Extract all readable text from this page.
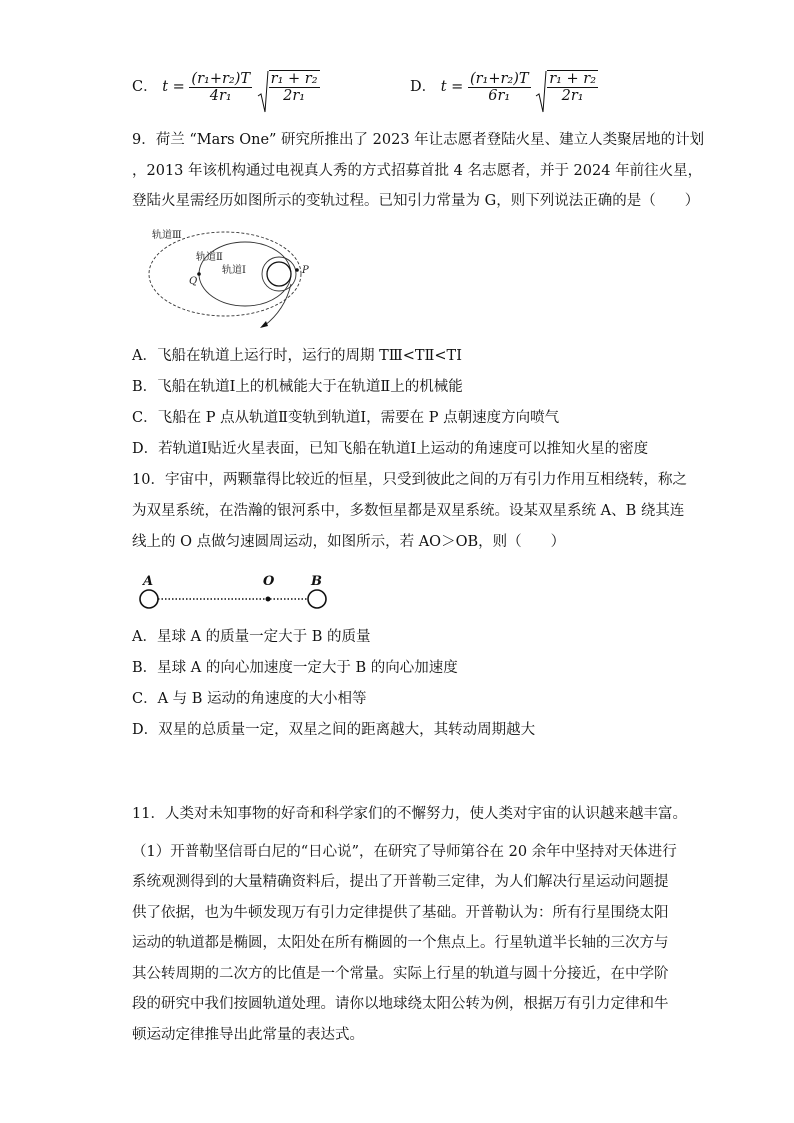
C． $t = \frac{\text{(r₁+r₂)T}}{\text{4r₁}}$
$\frac{\text{r₁ + r₂}}{\text{2r₁}}$	D． $t = \frac{\text{(r₁+r₂)T}}{\text{6r₁}}$
$\frac{\text{r₁ + r₂}}{\text{2r₁}}$
9．荷兰 “Mars One” 研究所推出了 2023 年让志愿者登陆火星、建立人类聚居地的计划
，2013 年该机构通过电视真人秀的方式招募首批 4 名志愿者，并于 2024 年前往火星，
登陆火星需经历如图所示的变轨过程。已知引力常量为 G，则下列说法正确的是（　　）
轨道Ⅲ
轨道Ⅱ
轨道Ⅰ
Q
P
A．飞船在轨道上运行时，运行的周期 TⅢ<TⅡ<TⅠ
B．飞船在轨道Ⅰ上的机械能大于在轨道Ⅱ上的机械能
C．飞船在 P 点从轨道Ⅱ变轨到轨道Ⅰ，需要在 P 点朝速度方向喷气
D．若轨道Ⅰ贴近火星表面，已知飞船在轨道Ⅰ上运动的角速度可以推知火星的密度
10．宇宙中，两颗靠得比较近的恒星，只受到彼此之间的万有引力作用互相绕转，称之
为双星系统，在浩瀚的银河系中，多数恒星都是双星系统。设某双星系统 A、B 绕其连
线上的 O 点做匀速圆周运动，如图所示，若 AO＞OB，则（　　）
A	O	B
A．星球 A 的质量一定大于 B 的质量
B．星球 A 的向心加速度一定大于 B 的向心加速度
C．A 与 B 运动的角速度的大小相等
D．双星的总质量一定，双星之间的距离越大，其转动周期越大
11．人类对未知事物的好奇和科学家们的不懈努力，使人类对宇宙的认识越来越丰富。
（1）开普勒坚信哥白尼的“日心说”，在研究了导师第谷在 20 余年中坚持对天体进行
系统观测得到的大量精确资料后，提出了开普勒三定律，为人们解决行星运动问题提
供了依据，也为牛顿发现万有引力定律提供了基础。开普勒认为：所有行星围绕太阳
运动的轨道都是椭圆，太阳处在所有椭圆的一个焦点上。行星轨道半长轴的三次方与
其公转周期的二次方的比值是一个常量。实际上行星的轨道与圆十分接近，在中学阶
段的研究中我们按圆轨道处理。请你以地球绕太阳公转为例，根据万有引力定律和牛
顿运动定律推导出此常量的表达式。
